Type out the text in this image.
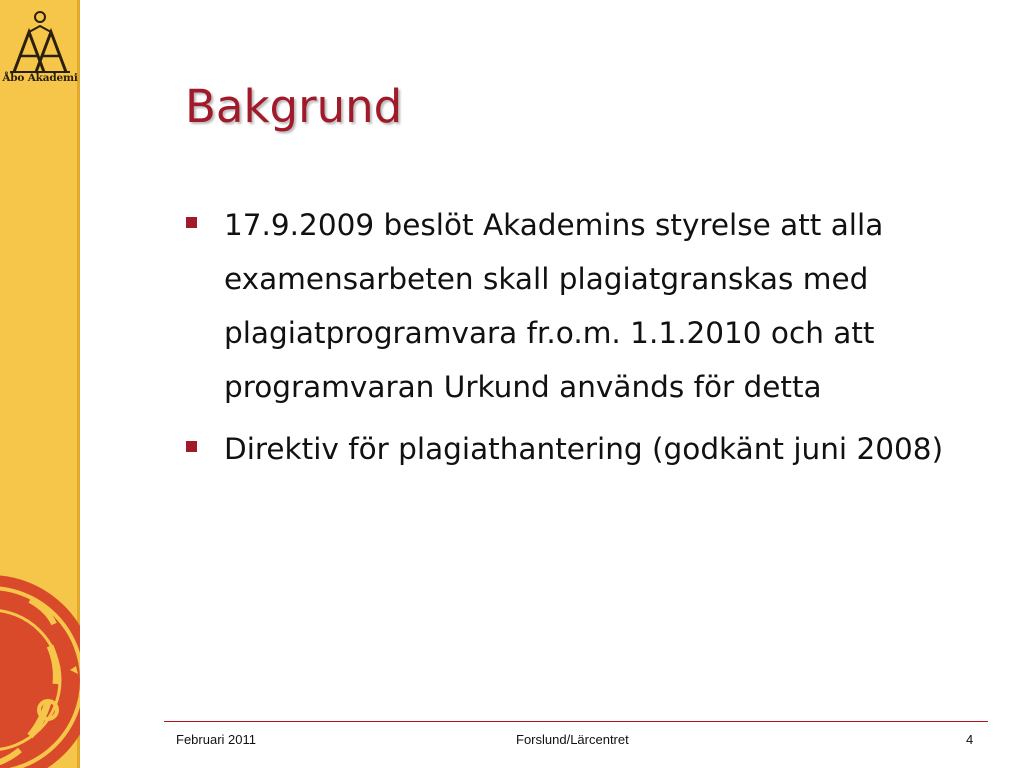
Åbo Akademi
Bakgrund
17.9.2009 beslöt Akademins styrelse att alla examensarbeten skall plagiatgranskas med plagiatprogramvara fr.o.m. 1.1.2010 och att programvaran Urkund används för detta
Direktiv för plagiathantering (godkänt juni 2008)
Februari 2011	Forslund/Lärcentret	4
